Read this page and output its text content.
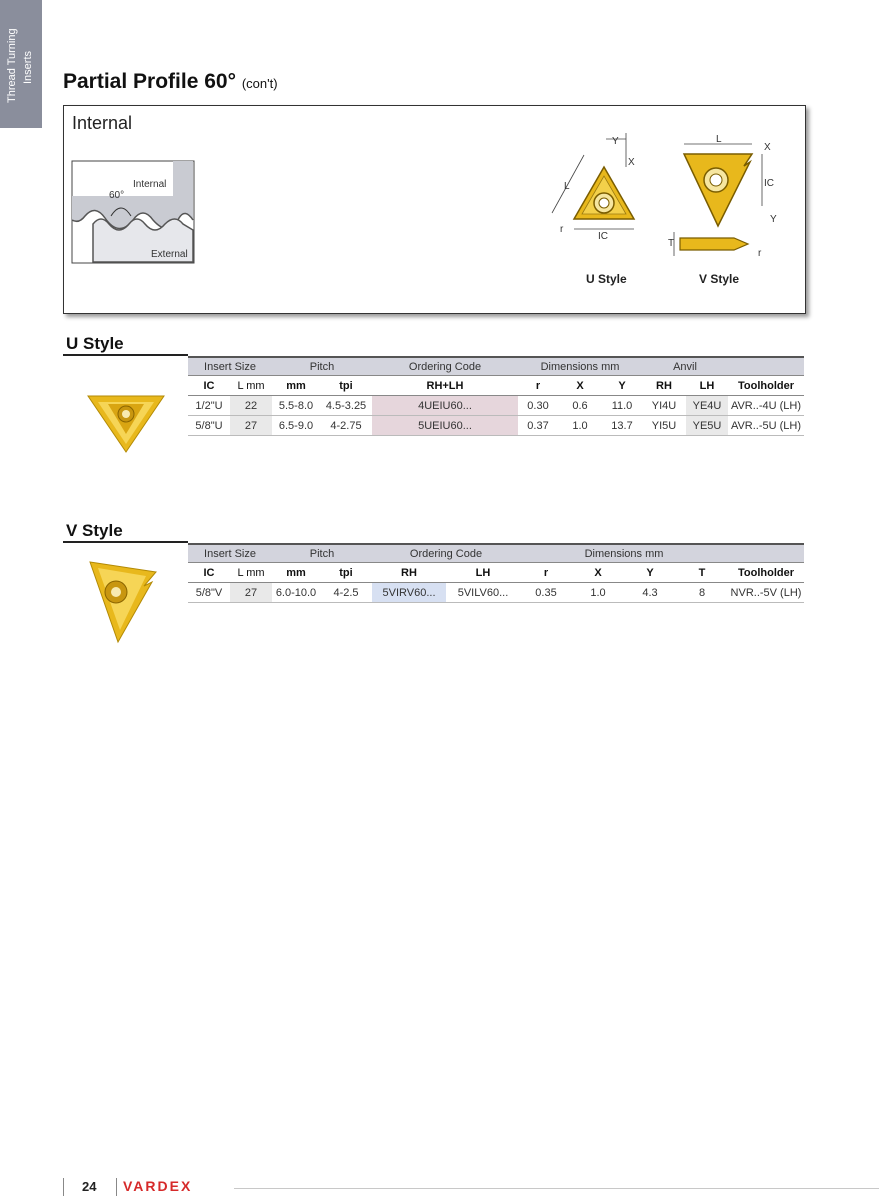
Thread Turning Inserts Partial Profile 60° (con't)
Internal
Internal
External
60°
Y
X
L
r
IC
L
X
IC
Y
T
r
U Style	V Style
U Style
Insert Size		Pitch		Ordering Code	Dimensions mm			Anvil		
IC	L mm	mm	tpi	RH+LH	r	X	Y	RH	LH	Toolholder
1/2"U	22	5.5-8.0	4.5-3.25	4UEIU60...	0.30	0.6	11.0	YI4U	YE4U	AVR..-4U (LH)
5/8"U	27	6.5-9.0	4-2.75	5UEIU60...	0.37	1.0	13.7	YI5U	YE5U	AVR..-5U (LH)
V Style
Insert Size		Pitch		Ordering Code		Dimensions mm				
IC	L mm	mm	tpi	RH	LH	r	X	Y	T	Toolholder
5/8"V	27	6.0-10.0	4-2.5	5VIRV60...	5VILV60...	0.35	1.0	4.3	8	NVR..-5V (LH)
24 VARDEX
